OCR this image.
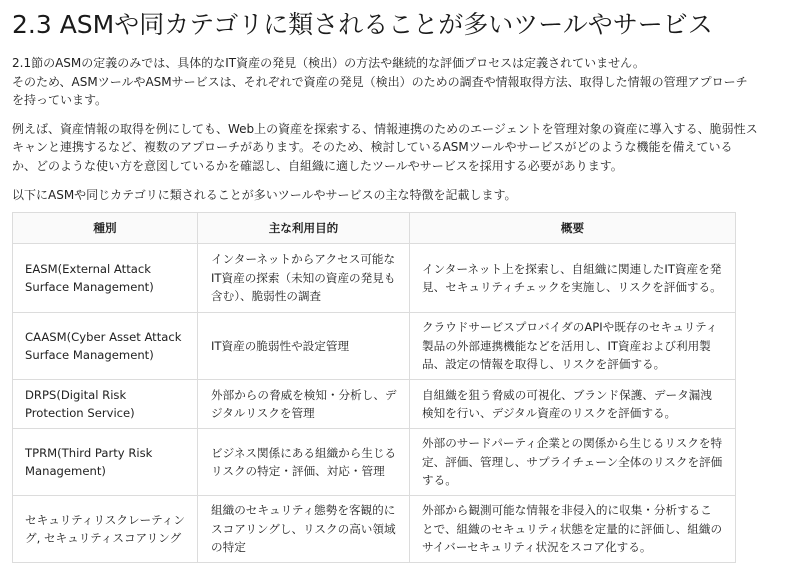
2.3 ASMや同カテゴリに類されることが多いツールやサービス

2.1節のASMの定義のみでは、具体的なIT資産の発見（検出）の方法や継続的な評価プロセスは定義されていません。
そのため、ASMツールやASMサービスは、それぞれで資産の発見（検出）のための調査や情報取得方法、取得した情報の管理アプローチ
を持っています。

例えば、資産情報の取得を例にしても、Web上の資産を探索する、情報連携のためのエージェントを管理対象の資産に導入する、脆弱性ス
キャンと連携するなど、複数のアプローチがあります。そのため、検討しているASMツールやサービスがどのような機能を備えている
か、どのような使い方を意図しているかを確認し、自組織に適したツールやサービスを採用する必要があります。

以下にASMや同じカテゴリに類されることが多いツールやサービスの主な特徴を記載します。

種別	主な利用目的	概要
EASM(External Attack Surface Management)	インターネットからアクセス可能なIT資産の探索（未知の資産の発見も含む）、脆弱性の調査	インターネット上を探索し、自組織に関連したIT資産を発見、セキュリティチェックを実施し、リスクを評価する。
CAASM(Cyber Asset Attack Surface Management)	IT資産の脆弱性や設定管理	クラウドサービスプロバイダのAPIや既存のセキュリティ製品の外部連携機能などを活用し、IT資産および利用製品、設定の情報を取得し、リスクを評価する。
DRPS(Digital Risk Protection Service)	外部からの脅威を検知・分析し、デジタルリスクを管理	自組織を狙う脅威の可視化、ブランド保護、データ漏洩検知を行い、デジタル資産のリスクを評価する。
TPRM(Third Party Risk Management)	ビジネス関係にある組織から生じるリスクの特定・評価、対応・管理	外部のサードパーティ企業との関係から生じるリスクを特定、評価、管理し、サプライチェーン全体のリスクを評価する。
セキュリティリスクレーティング, セキュリティスコアリング	組織のセキュリティ態勢を客観的にスコアリングし、リスクの高い領域の特定	外部から観測可能な情報を非侵入的に収集・分析することで、組織のセキュリティ状態を定量的に評価し、組織のサイバーセキュリティ状況をスコア化する。
